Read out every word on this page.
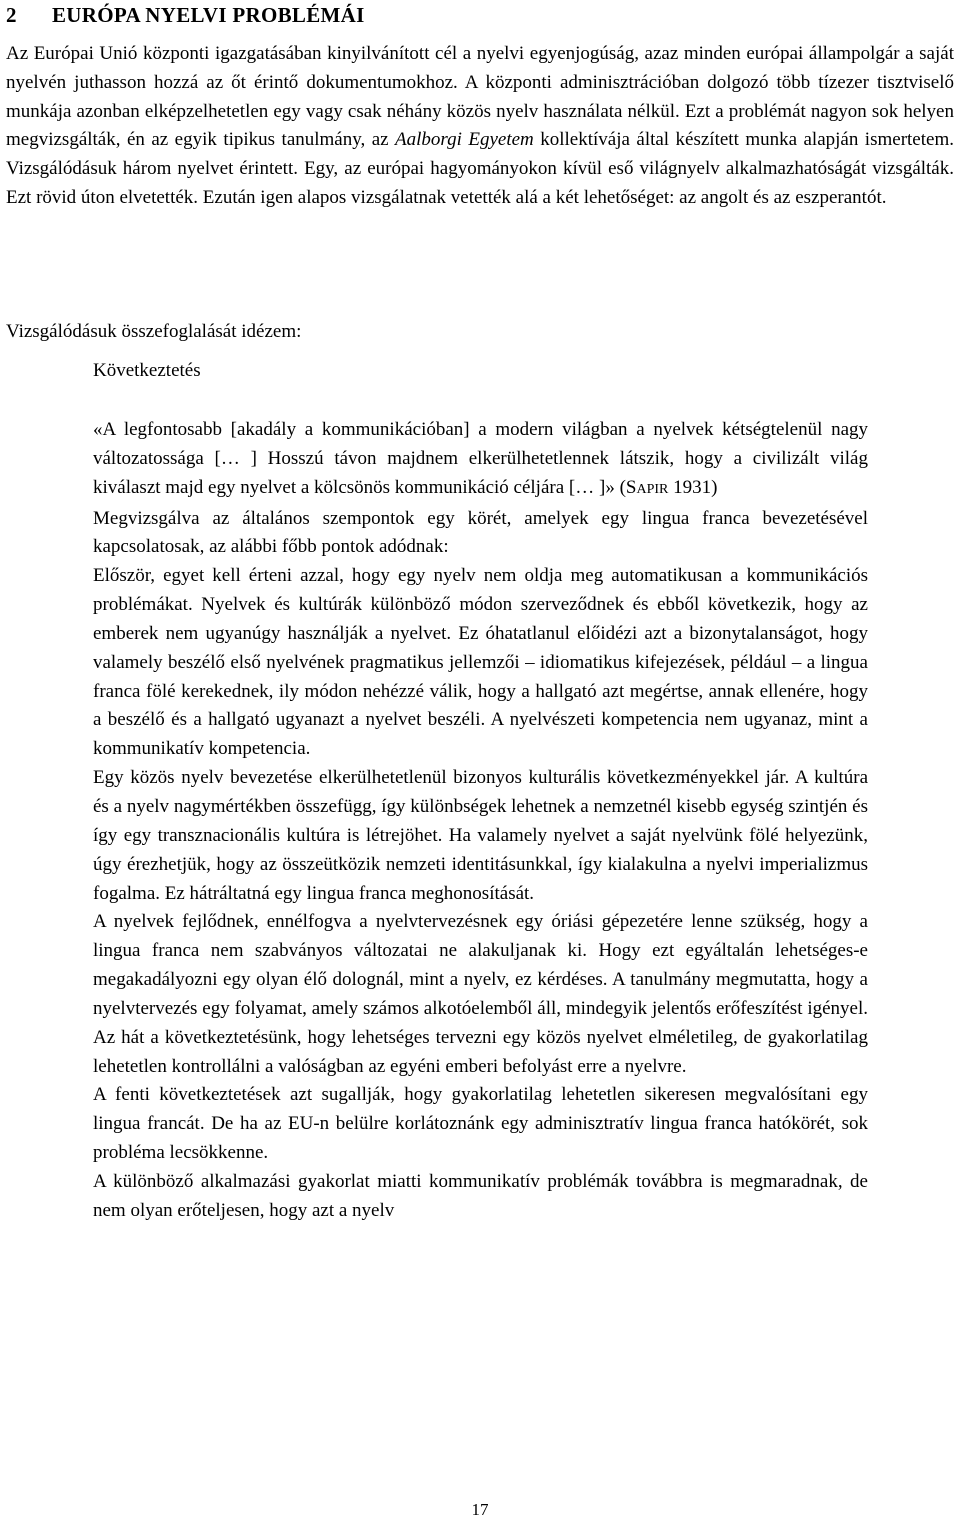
2 EURÓPA NYELVI PROBLÉMÁI

Az Európai Unió központi igazgatásában kinyilvánított cél a nyelvi egyenjogúság, azaz minden európai állampolgár a saját nyelvén juthasson hozzá az őt érintő dokumentumokhoz. A központi adminisztrációban dolgozó több tízezer tisztviselő munkája azonban elképzelhetetlen egy vagy csak néhány közös nyelv használata nélkül. Ezt a problémát nagyon sok helyen megvizsgálták, én az egyik tipikus tanulmány, az Aalborgi Egyetem kollektívája által készített munka alapján ismertetem. Vizsgálódásuk három nyelvet érintett. Egy, az európai hagyományokon kívül eső világnyelv alkalmazhatóságát vizsgálták. Ezt rövid úton elvetették. Ezután igen alapos vizsgálatnak vetették alá a két lehetőséget: az angolt és az eszperantót.

Vizsgálódásuk összefoglalását idézem:

Következtetés

«A legfontosabb [akadály a kommunikációban] a modern világban a nyelvek kétségtelenül nagy változatossága [… ] Hosszú távon majdnem elkerülhetetlennek látszik, hogy a civilizált világ kiválaszt majd egy nyelvet a kölcsönös kommunikáció céljára [… ]» (SAPIR 1931)

Megvizsgálva az általános szempontok egy körét, amelyek egy lingua franca bevezetésével kapcsolatosak, az alábbi főbb pontok adódnak:

Először, egyet kell érteni azzal, hogy egy nyelv nem oldja meg automatikusan a kommunikációs problémákat. Nyelvek és kultúrák különböző módon szerveződnek és ebből következik, hogy az emberek nem ugyanúgy használják a nyelvet. Ez óhatatlanul előidézi azt a bizonytalanságot, hogy valamely beszélő első nyelvének pragmatikus jellemzői – idiomatikus kifejezések, például – a lingua franca fölé kerekednek, ily módon nehézzé válik, hogy a hallgató azt megértse, annak ellenére, hogy a beszélő és a hallgató ugyanazt a nyelvet beszéli. A nyelvészeti kompetencia nem ugyanaz, mint a kommunikatív kompetencia.

Egy közös nyelv bevezetése elkerülhetetlenül bizonyos kulturális következményekkel jár. A kultúra és a nyelv nagymértékben összefügg, így különbségek lehetnek a nemzetnél kisebb egység szintjén és így egy transznacionális kultúra is létrejöhet. Ha valamely nyelvet a saját nyelvünk fölé helyezünk, úgy érezhetjük, hogy az összeütközik nemzeti identitásunkkal, így kialakulna a nyelvi imperializmus fogalma. Ez hátráltatná egy lingua franca meghonosítását.

A nyelvek fejlődnek, ennélfogva a nyelvtervezésnek egy óriási gépezetére lenne szükség, hogy a lingua franca nem szabványos változatai ne alakuljanak ki. Hogy ezt egyáltalán lehetséges-e megakadályozni egy olyan élő dolognál, mint a nyelv, ez kérdéses. A tanulmány megmutatta, hogy a nyelvtervezés egy folyamat, amely számos alkotóelemből áll, mindegyik jelentős erőfeszítést igényel. Az hát a következtetésünk, hogy lehetséges tervezni egy közös nyelvet elméletileg, de gyakorlatilag lehetetlen kontrollálni a valóságban az egyéni emberi befolyást erre a nyelvre.

A fenti következtetések azt sugallják, hogy gyakorlatilag lehetetlen sikeresen megvalósítani egy lingua francát. De ha az EU-n belülre korlátoznánk egy adminisztratív lingua franca hatókörét, sok probléma lecsökkenne.

A különböző alkalmazási gyakorlat miatti kommunikatív problémák továbbra is megmaradnak, de nem olyan erőteljesen, hogy azt a nyelv

17
